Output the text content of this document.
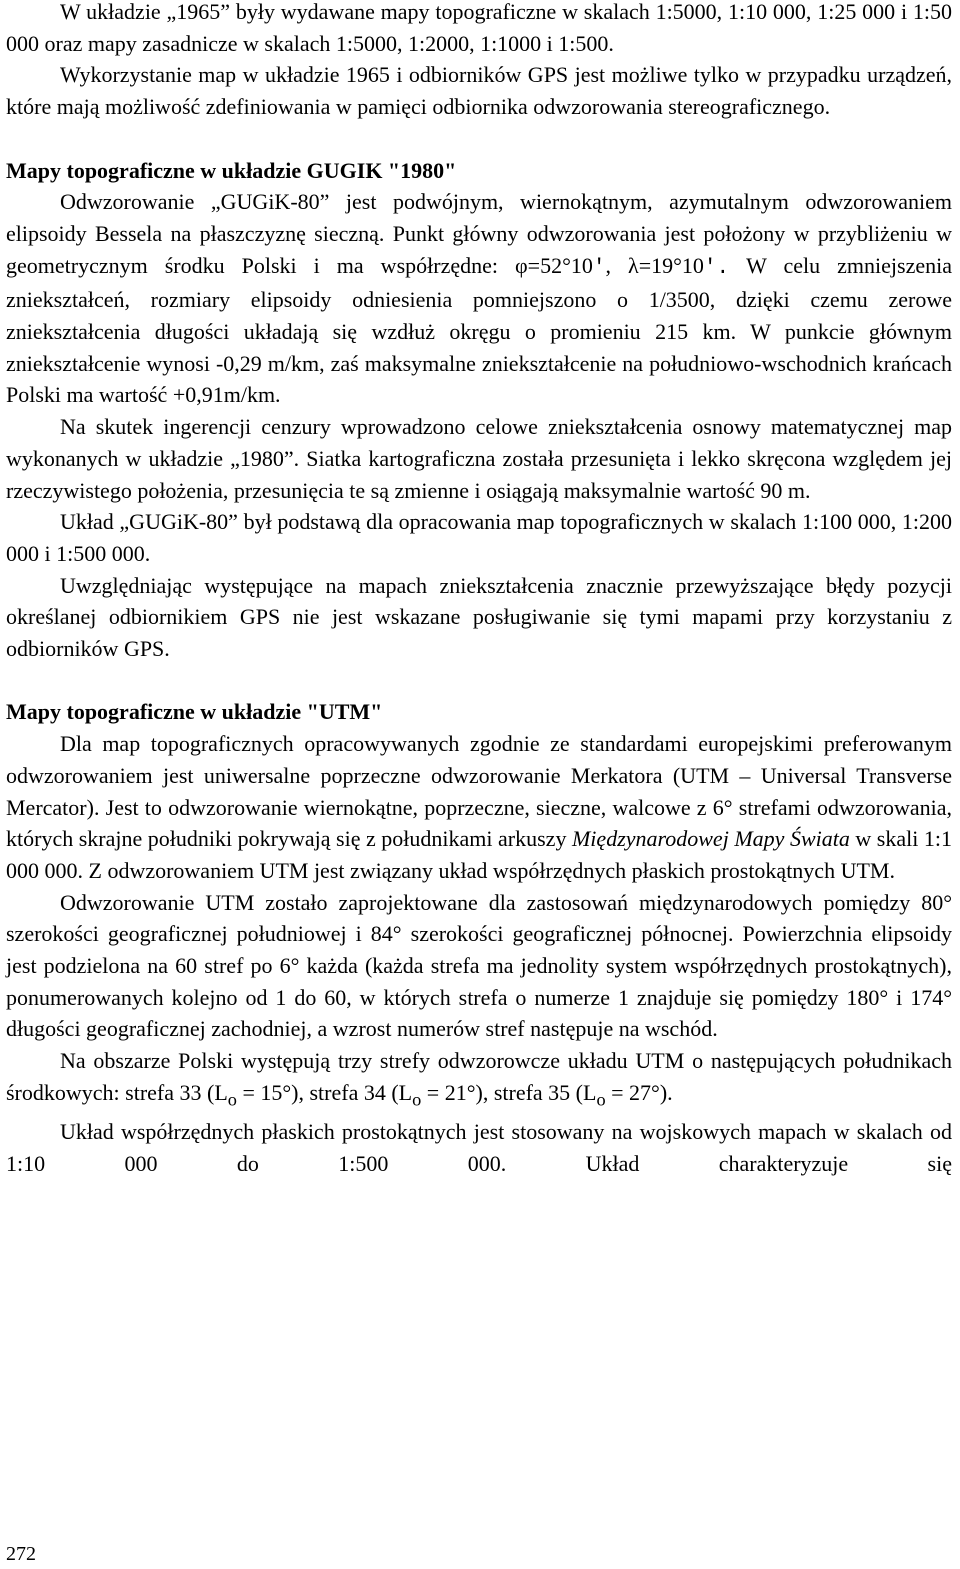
W układzie „1965” były wydawane mapy topograficzne w skalach 1:5000, 1:10 000, 1:25 000 i 1:50 000 oraz mapy zasadnicze w skalach 1:5000, 1:2000, 1:1000 i 1:500.

Wykorzystanie map w układzie 1965 i odbiorników GPS jest możliwe tylko w przypadku urządzeń, które mają możliwość zdefiniowania w pamięci odbiornika odwzorowania stereograficznego.

Mapy topograficzne w układzie GUGIK "1980"

Odwzorowanie „GUGiK-80” jest podwójnym, wiernokątnym, azymutalnym odwzorowaniem elipsoidy Bessela na płaszczyznę sieczną. Punkt główny odwzorowania jest położony w przybliżeniu w geometrycznym środku Polski i ma współrzędne: φ=52°10', λ=19°10'. W celu zmniejszenia zniekształceń, rozmiary elipsoidy odniesienia pomniejszono o 1/3500, dzięki czemu zerowe zniekształcenia długości układają się wzdłuż okręgu o promieniu 215 km. W punkcie głównym zniekształcenie wynosi -0,29 m/km, zaś maksymalne zniekształcenie na południowo-wschodnich krańcach Polski ma wartość +0,91m/km.

Na skutek ingerencji cenzury wprowadzono celowe zniekształcenia osnowy matematycznej map wykonanych w układzie „1980”. Siatka kartograficzna została przesunięta i lekko skręcona względem jej rzeczywistego położenia, przesunięcia te są zmienne i osiągają maksymalnie wartość 90 m.

Układ „GUGiK-80” był podstawą dla opracowania map topograficznych w skalach 1:100 000, 1:200 000 i 1:500 000.

Uwzględniając występujące na mapach zniekształcenia znacznie przewyższające błędy pozycji określanej odbiornikiem GPS nie jest wskazane posługiwanie się tymi mapami przy korzystaniu z odbiorników GPS.

Mapy topograficzne w układzie "UTM"

Dla map topograficznych opracowywanych zgodnie ze standardami europejskimi preferowanym odwzorowaniem jest uniwersalne poprzeczne odwzorowanie Merkatora (UTM – Universal Transverse Mercator). Jest to odwzorowanie wiernokątne, poprzeczne, sieczne, walcowe z 6° strefami odwzorowania, których skrajne południki pokrywają się z południkami arkuszy Międzynarodowej Mapy Świata w skali 1:1 000 000. Z odwzorowaniem UTM jest związany układ współrzędnych płaskich prostokątnych UTM.

Odwzorowanie UTM zostało zaprojektowane dla zastosowań międzynarodowych pomiędzy 80° szerokości geograficznej południowej i 84° szerokości geograficznej północnej. Powierzchnia elipsoidy jest podzielona na 60 stref po 6° każda (każda strefa ma jednolity system współrzędnych prostokątnych), ponumerowanych kolejno od 1 do 60, w których strefa o numerze 1 znajduje się pomiędzy 180° i 174° długości geograficznej zachodniej, a wzrost numerów stref następuje na wschód.

Na obszarze Polski występują trzy strefy odwzorowcze układu UTM o następujących południkach środkowych: strefa 33 $(L_o = 15^\circ)$, strefa 34 $(L_o = 21^\circ)$, strefa 35 $(L_o = 27^\circ)$.

Układ współrzędnych płaskich prostokątnych jest stosowany na wojskowych mapach w skalach od 1:10 000 do 1:500 000. Układ charakteryzuje się

272
